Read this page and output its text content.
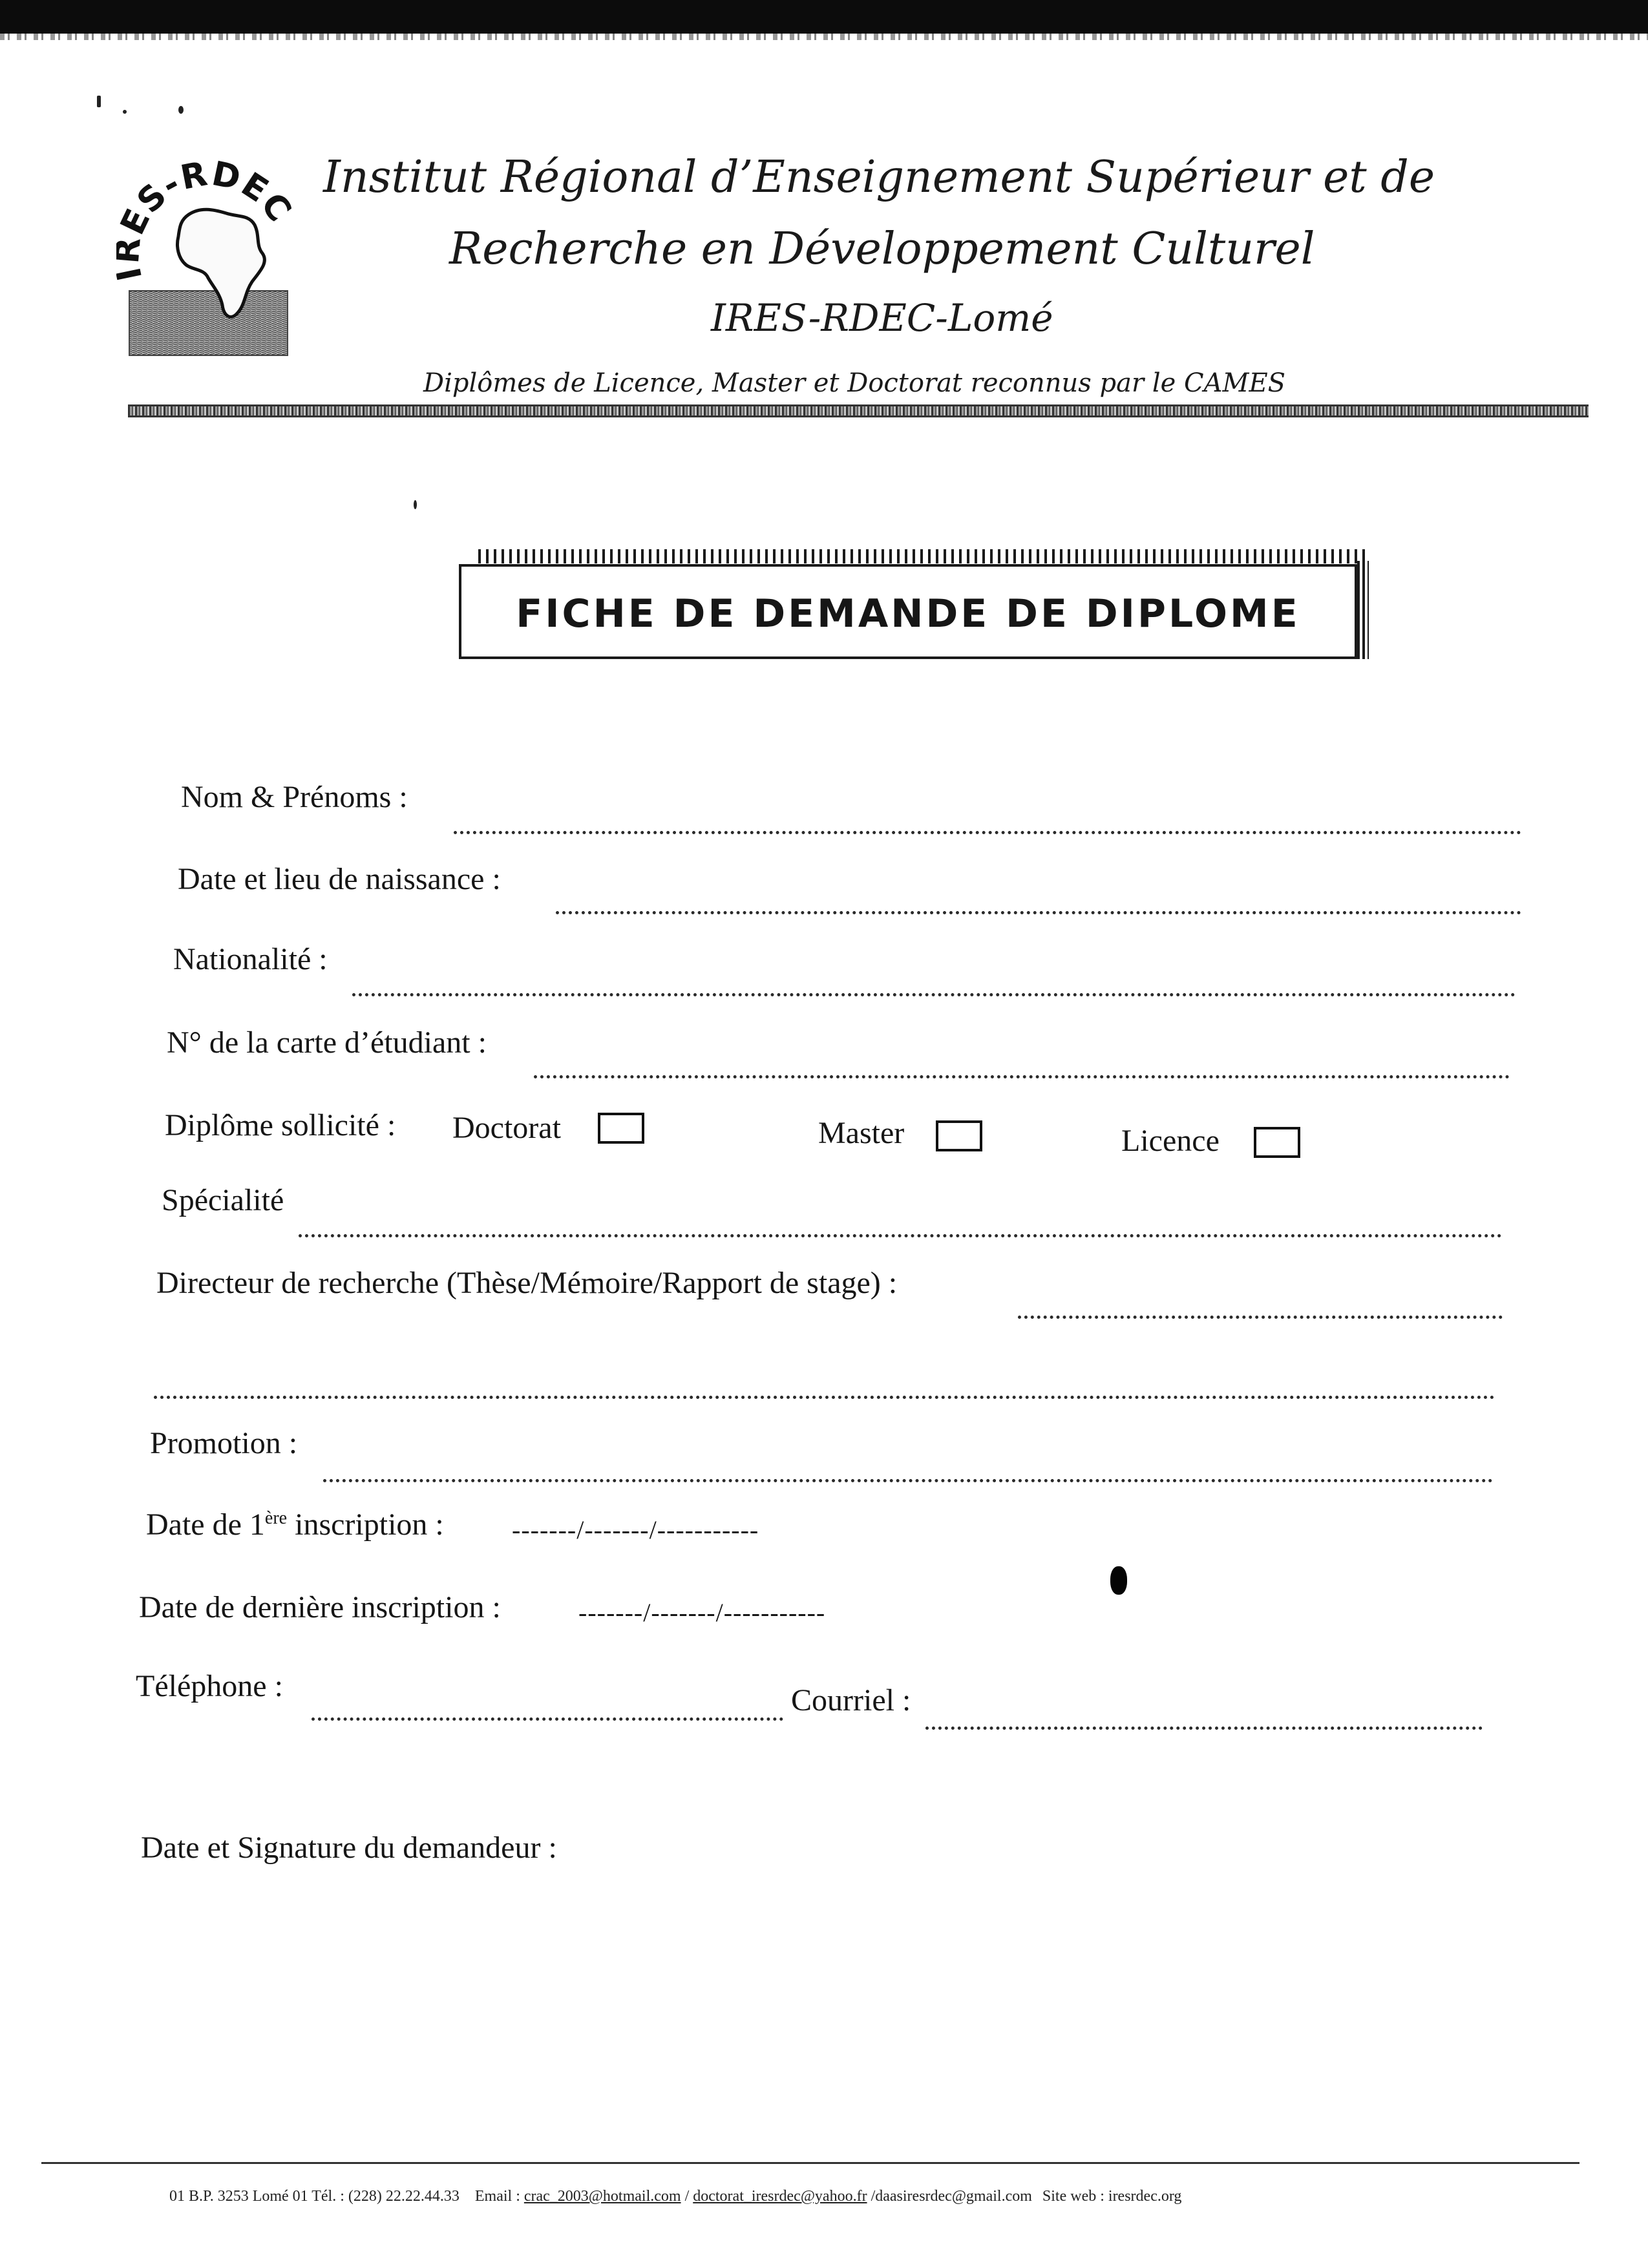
ES-RDEC
Institut Régional d’Enseignement Supérieur et de
Recherche en Développement Culturel
IRES-RDEC-Lomé
Diplômes de Licence, Master et Doctorat reconnus par le CAMES
FICHE DE DEMANDE DE DIPLOME
Nom & Prénoms :
Date et lieu de naissance :
Nationalité :
N° de la carte d’étudiant :
Diplôme sollicité : Doctorat	Master	Licence
Spécialité
Directeur de recherche (Thèse/Mémoire/Rapport de stage) :
Promotion :
Date de 1ère inscription :	-------/-------/-----------
Date de dernière inscription :	-------/-------/-----------
Téléphone :	Courriel :
Date et Signature du demandeur :
01 B.P. 3253 Lomé 01 Tél. : (228) 22.22.44.33 Email : crac_2003@hotmail.com / doctorat_iresrdec@yahoo.fr /daasiresrdec@gmail.com Site web : iresrdec.org
